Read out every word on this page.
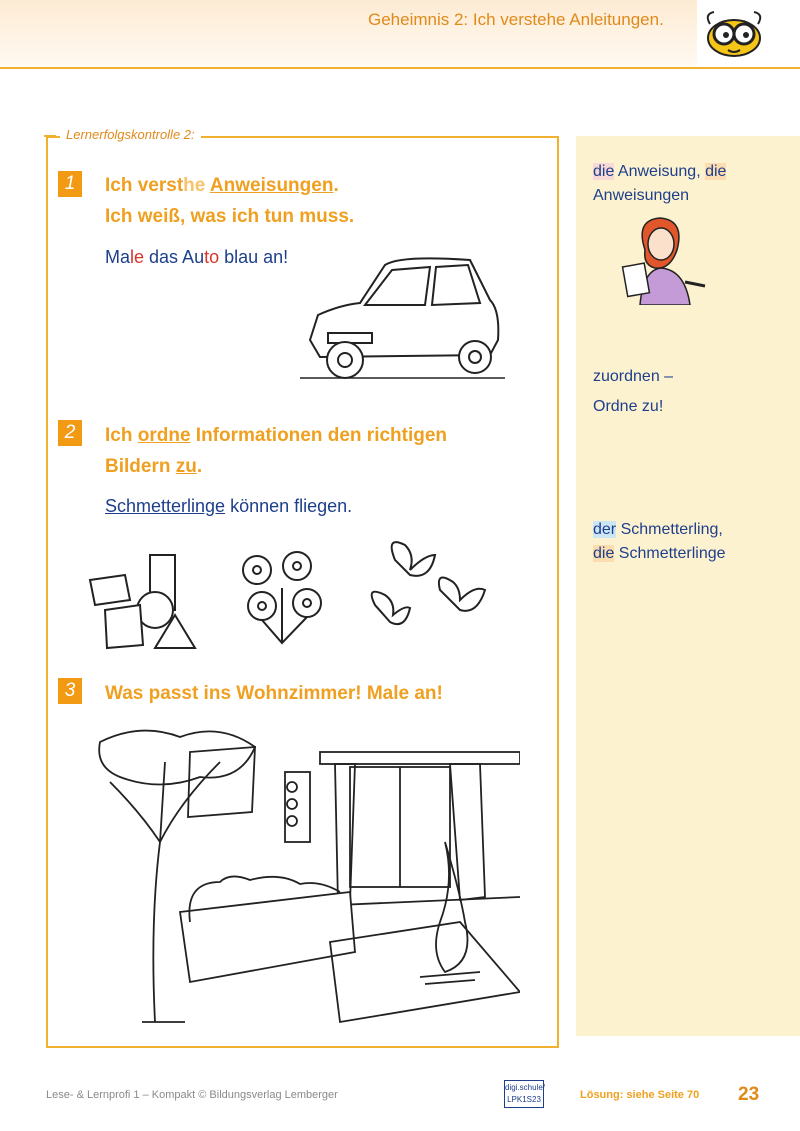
Geheimnis 2: Ich verstehe Anleitungen.
Lernerfolgskontrolle 2:
1	Ich versthe Anweisungen.
Ich weiß, was ich tun muss.
Male das Auto blau an!
2	Ich ordne Informationen den richtigen
Bildern zu.
Schmetterlinge können fliegen.
3	Was passt ins Wohnzimmer! Male an!
die Anweisung, die
Anweisungen
zuordnen –
Ordne zu!
der Schmetterling,
die Schmetterlinge
Lese- & Lernprofi 1 – Kompakt © Bildungsverlag Lemberger
digi.schule/
LPK1S23	Lösung: siehe Seite 70 23
